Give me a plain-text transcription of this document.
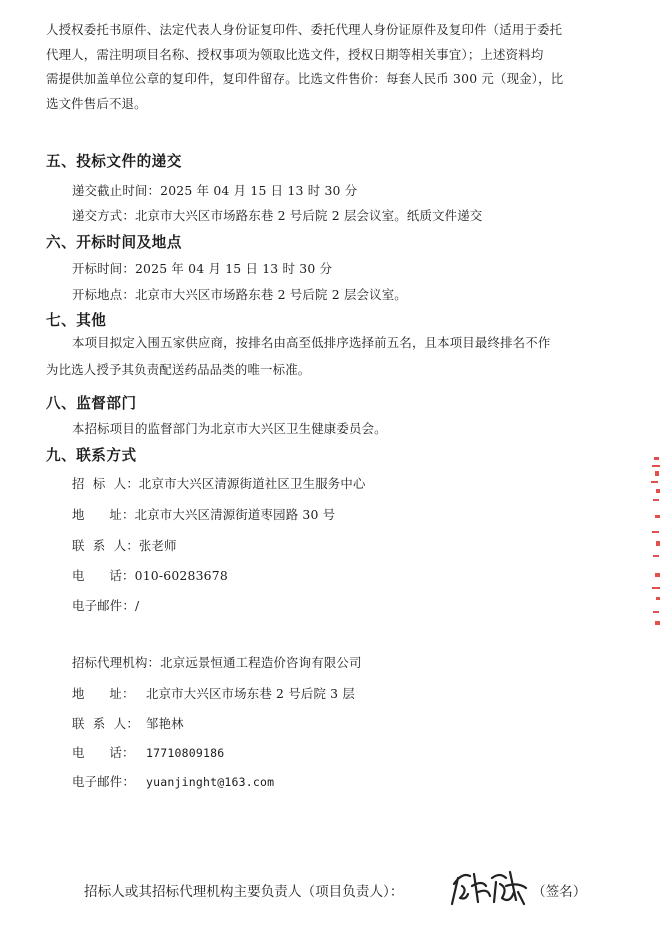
人授权委托书原件、法定代表人身份证复印件、委托代理人身份证原件及复印件（适用于委托
代理人，需注明项目名称、授权事项为领取比选文件，授权日期等相关事宜）；上述资料均
需提供加盖单位公章的复印件，复印件留存。比选文件售价：每套人民币 300 元（现金），比
选文件售后不退。
五、投标文件的递交
递交截止时间：2025 年 04 月 15 日 13 时 30 分
递交方式：北京市大兴区市场路东巷 2 号后院 2 层会议室。纸质文件递交
六、开标时间及地点
开标时间：2025 年 04 月 15 日 13 时 30 分
开标地点：北京市大兴区市场路东巷 2 号后院 2 层会议室。
七、其他
本项目拟定入围五家供应商，按排名由高至低排序选择前五名，且本项目最终排名不作
为比选人授予其负责配送药品品类的唯一标准。
八、监督部门
本招标项目的监督部门为北京市大兴区卫生健康委员会。
九、联系方式
招  标  人：北京市大兴区清源街道社区卫生服务中心
地      址：北京市大兴区清源街道枣园路 30 号
联  系  人：张老师
电      话：010-60283678
电子邮件：/
招标代理机构：北京远景恒通工程造价咨询有限公司
地      址： 北京市大兴区市场东巷 2 号后院 3 层
联  系  人： 邹艳林
电      话： 17710809186
电子邮件： yuanjinght@163.com
招标人或其招标代理机构主要负责人（项目负责人）：	（签名）
